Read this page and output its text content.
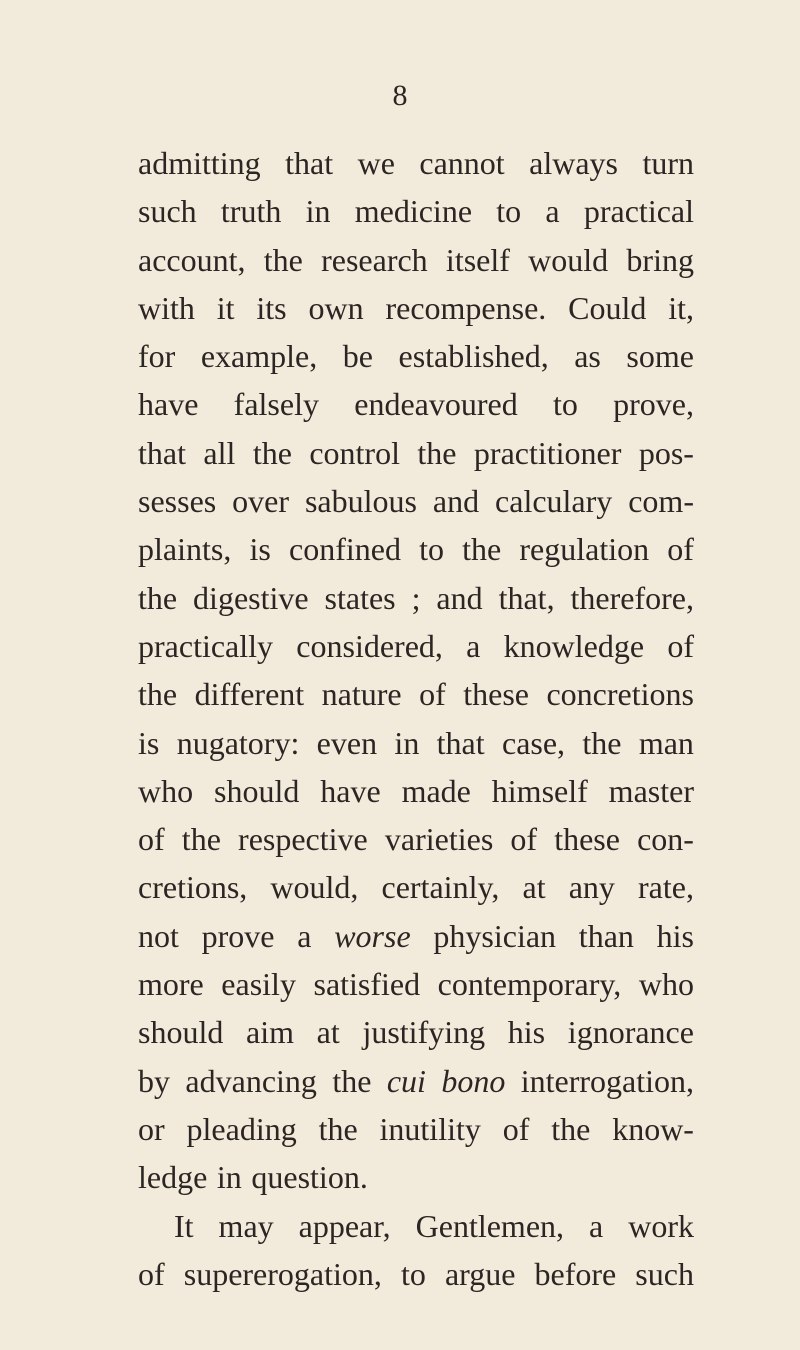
8
admitting that we cannot always turn
such truth in medicine to a practical
account, the research itself would bring
with it its own recompense. Could it,
for example, be established, as some
have falsely endeavoured to prove,
that all the control the practitioner pos-
sesses over sabulous and calculary com-
plaints, is confined to the regulation of
the digestive states ; and that, therefore,
practically considered, a knowledge of
the different nature of these concretions
is nugatory: even in that case, the man
who should have made himself master
of the respective varieties of these con-
cretions, would, certainly, at any rate,
not prove a worse physician than his
more easily satisfied contemporary, who
should aim at justifying his ignorance
by advancing the cui bono interrogation,
or pleading the inutility of the know-
ledge in question.
It may appear, Gentlemen, a work
of supererogation, to argue before such
